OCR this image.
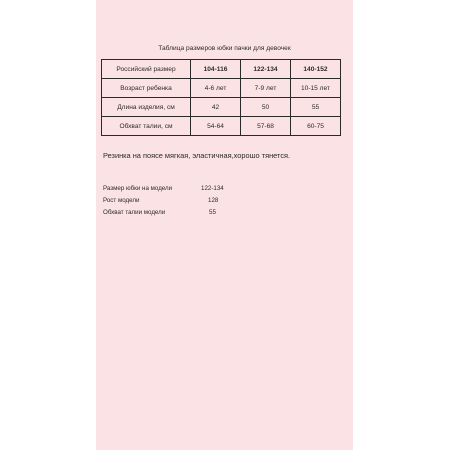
Таблица размеров юбки пачки для девочек

Российский размер	104-116	122-134	140-152
Возраст ребенка	4-6 лет	7-9 лет	10-15 лет
Длина изделия, см	42	50	55
Обхват талии, см	54-64	57-68	60-75

Резинка на поясе мягкая, эластичная,хорошо тянется.

Размер юбки на модели	122-134
Рост модели	128
Обхват талии модели	55
